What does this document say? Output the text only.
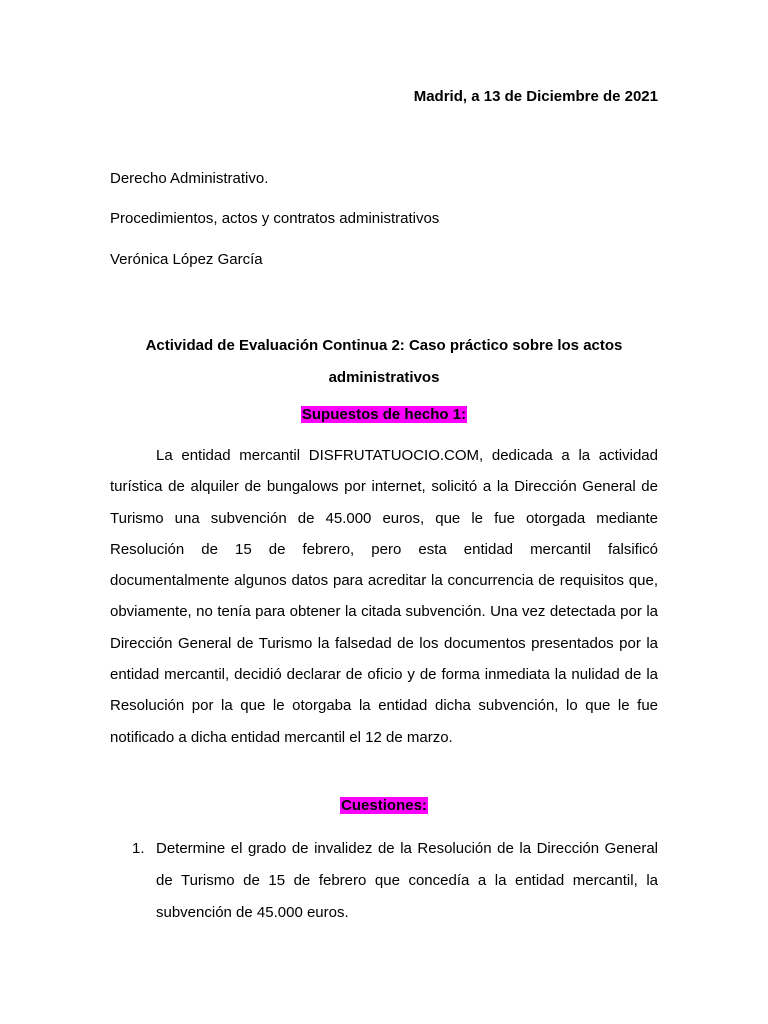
Madrid, a 13 de Diciembre de 2021
Derecho Administrativo.
Procedimientos, actos y contratos administrativos
Verónica López García
Actividad de Evaluación Continua 2: Caso práctico sobre los actos administrativos
Supuestos de hecho 1:
La entidad mercantil DISFRUTATUOCIO.COM, dedicada a la actividad turística de alquiler de bungalows por internet, solicitó a la Dirección General de Turismo una subvención de 45.000 euros, que le fue otorgada mediante Resolución de 15 de febrero, pero esta entidad mercantil falsificó documentalmente algunos datos para acreditar la concurrencia de requisitos que, obviamente, no tenía para obtener la citada subvención. Una vez detectada por la Dirección General de Turismo la falsedad de los documentos presentados por la entidad mercantil, decidió declarar de oficio y de forma inmediata la nulidad de la Resolución por la que le otorgaba la entidad dicha subvención, lo que le fue notificado a dicha entidad mercantil el 12 de marzo.
Cuestiones:
1. Determine el grado de invalidez de la Resolución de la Dirección General de Turismo de 15 de febrero que concedía a la entidad mercantil, la subvención de 45.000 euros.
